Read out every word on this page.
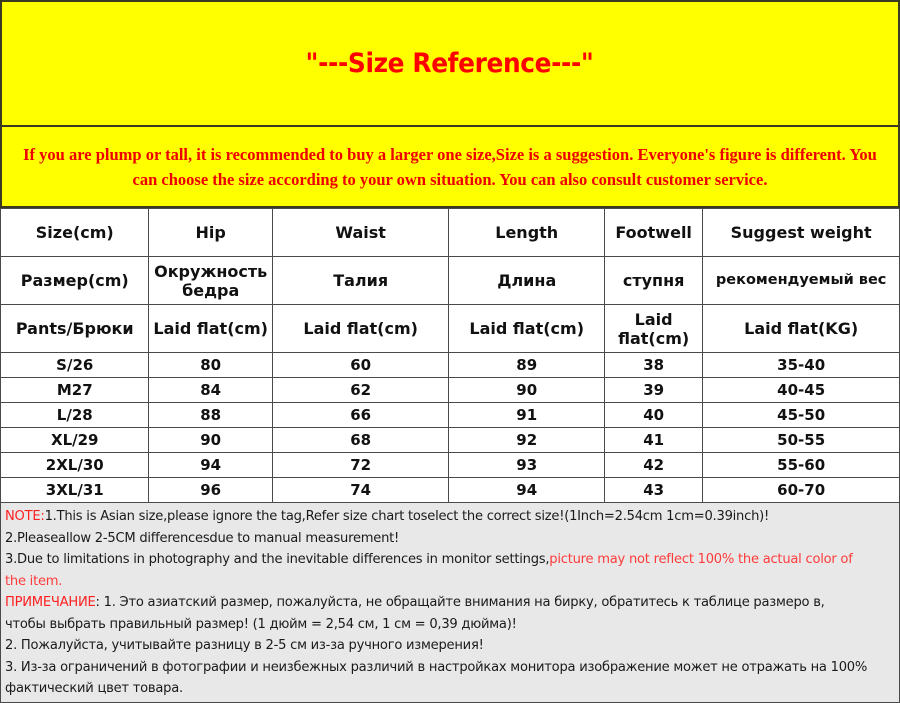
"---Size Reference---"
If you are plump or tall, it is recommended to buy a larger one size,Size is a suggestion. Everyone's figure is different. You can choose the size according to your own situation. You can also consult customer service.
Size(cm)	Hip	Waist	Length	Footwell	Suggest weight
Размер(cm)	Окружность бедра	Талия	Длина	ступня	рекомендуемый вес
Pants/Брюки	Laid flat(cm)	Laid flat(cm)	Laid flat(cm)	Laid flat(cm)	Laid flat(KG)
S/26	80	60	89	38	35-40
M27	84	62	90	39	40-45
L/28	88	66	91	40	45-50
XL/29	90	68	92	41	50-55
2XL/30	94	72	93	42	55-60
3XL/31	96	74	94	43	60-70
NOTE:1.This is Asian size,please ignore the tag,Refer size chart toselect the correct size!(1Inch=2.54cm 1cm=0.39inch)!
2.Pleaseallow 2-5CM differencesdue to manual measurement!
3.Due to limitations in photography and the inevitable differences in monitor settings,picture may not reflect 100% the actual color of the item.
ПРИМЕЧАНИЕ: 1. Это азиатский размер, пожалуйста, не обращайте внимания на бирку, обратитесь к таблице размеро в, чтобы выбрать правильный размер! (1 дюйм = 2,54 см, 1 см = 0,39 дюйма)!
2. Пожалуйста, учитывайте разницу в 2-5 см из-за ручного измерения!
3. Из-за ограничений в фотографии и неизбежных различий в настройках монитора изображение может не отражать на 100% фактический цвет товара.
